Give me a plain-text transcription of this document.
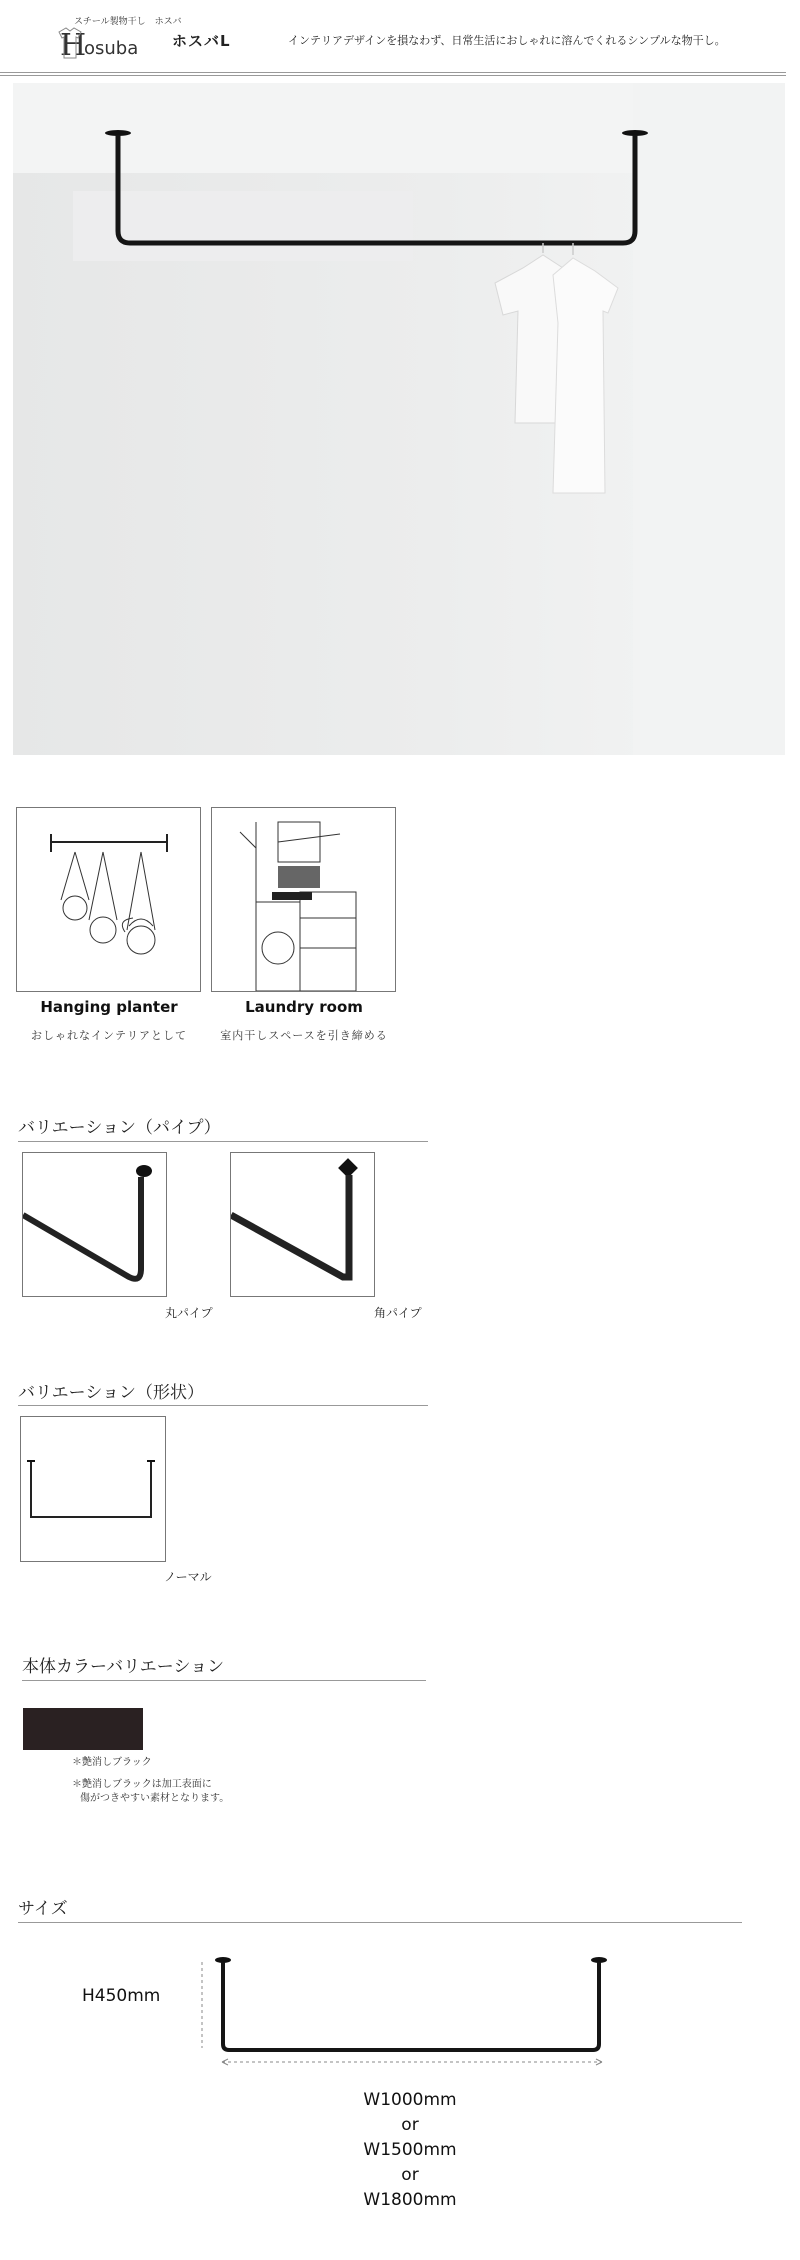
スチール製物干し　ホスバ
H
osuba ホスバL	インテリアデザインを損なわず、日常生活におしゃれに溶んでくれるシンプルな物干し。
Hanging planter
おしゃれなインテリアとして
Laundry room
室内干しスペースを引き締める
バリエーション（パイプ）
丸パイプ	角パイプ
バリエーション（形状）
ノーマル
本体カラーバリエーション
＊艶消しブラック
＊艶消しブラックは加工表面に
傷がつきやすい素材となります。
サイズ
H450mm
W1000mm
or
W1500mm
or
W1800mm
